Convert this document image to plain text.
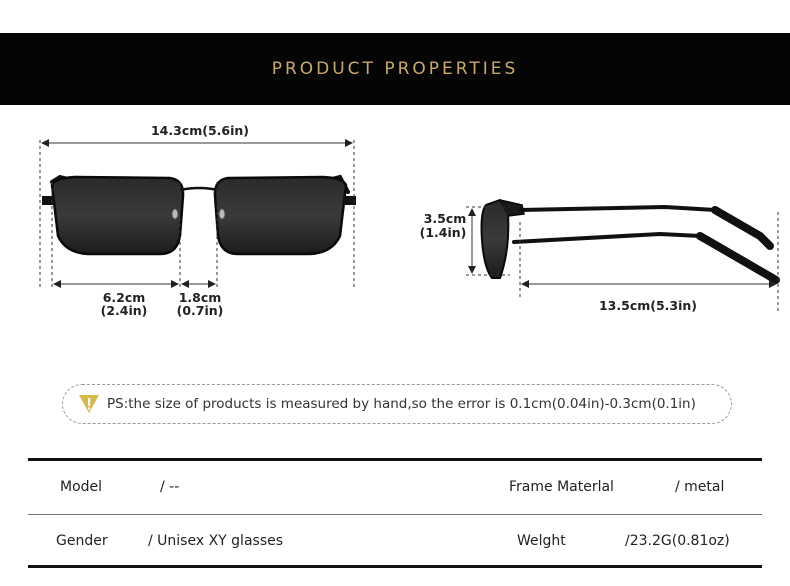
PRODUCT PROPERTIES
14.3cm(5.6in)
6.2cm
(2.4in)
1.8cm
(0.7in)
3.5cm
(1.4in)
13.5cm(5.3in)
PS:the size of products is measured by hand,so the error is 0.1cm(0.04in)-0.3cm(0.1in)
Model	/ --	Frame Materlal	/ metal
Gender	/ Unisex XY glasses	Welght	/23.2G(0.81oz)
